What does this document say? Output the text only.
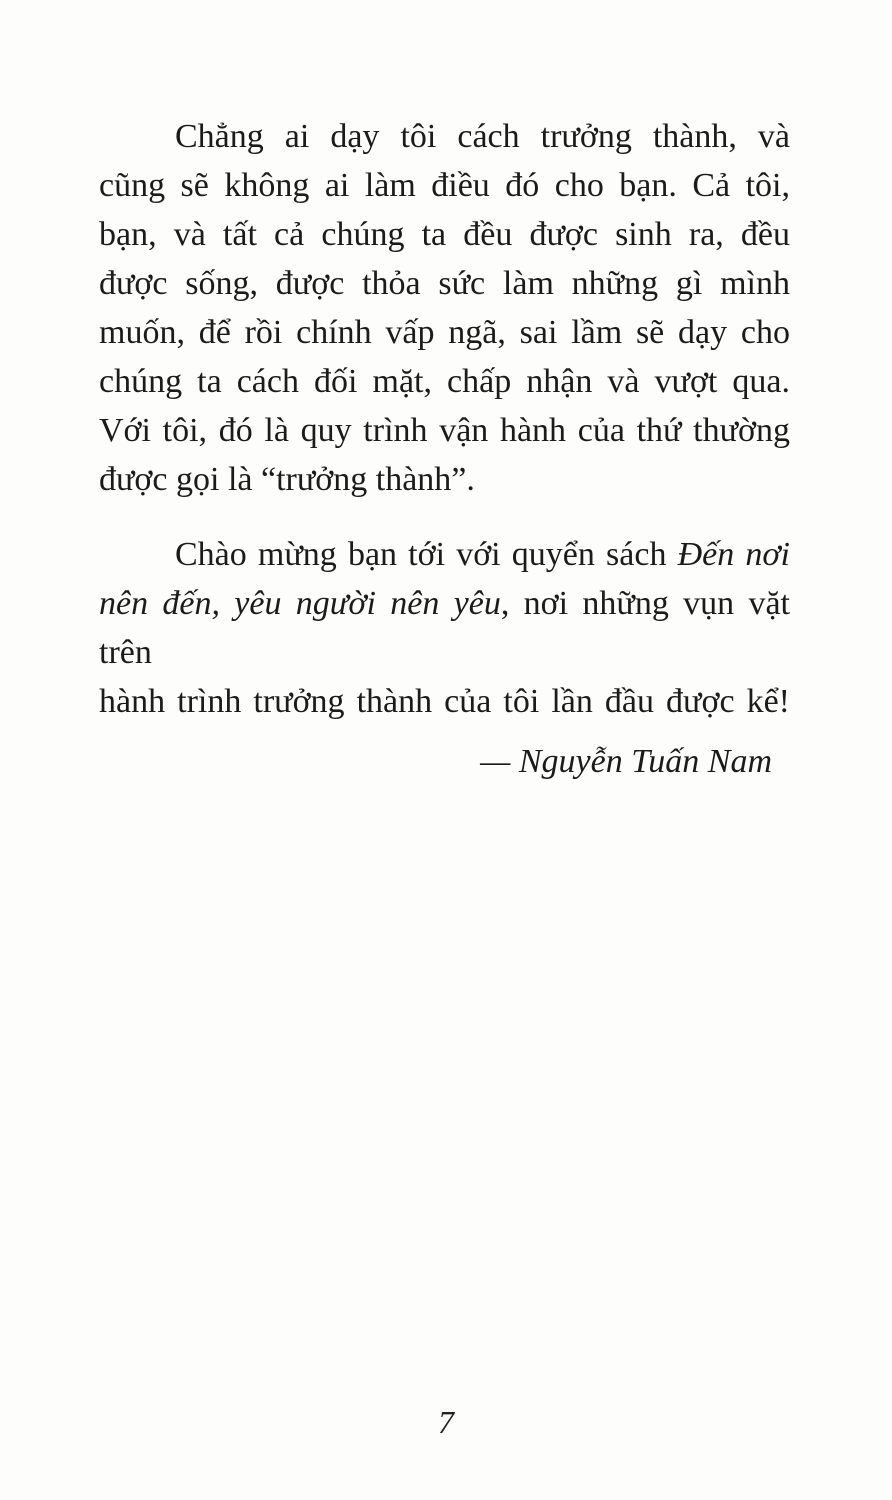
Chẳng ai dạy tôi cách trưởng thành, và
cũng sẽ không ai làm điều đó cho bạn. Cả tôi,
bạn, và tất cả chúng ta đều được sinh ra, đều
được sống, được thỏa sức làm những gì mình
muốn, để rồi chính vấp ngã, sai lầm sẽ dạy cho
chúng ta cách đối mặt, chấp nhận và vượt qua.
Với tôi, đó là quy trình vận hành của thứ thường
được gọi là “trưởng thành”.

Chào mừng bạn tới với quyển sách Đến nơi
nên đến, yêu người nên yêu, nơi những vụn vặt trên
hành trình trưởng thành của tôi lần đầu được kể!

— Nguyễn Tuấn Nam

7
